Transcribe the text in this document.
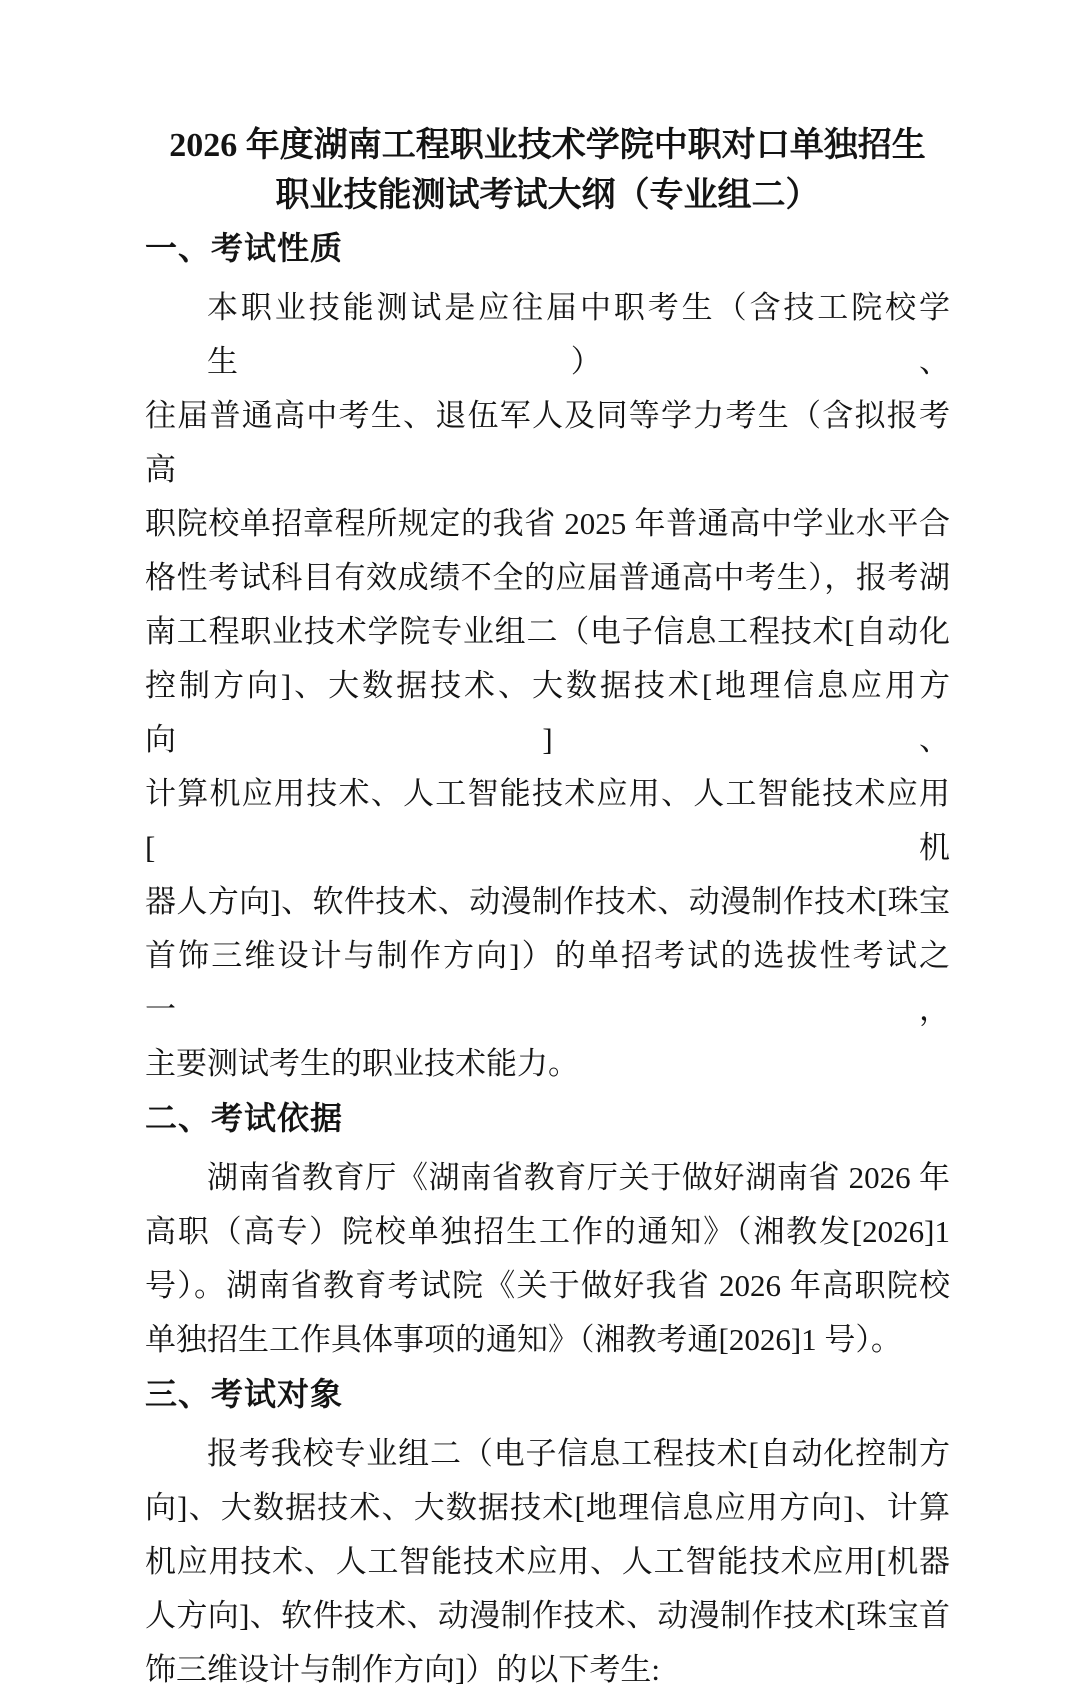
2026 年度湖南工程职业技术学院中职对口单独招生
职业技能测试考试大纲（专业组二）
一、考试性质
本职业技能测试是应往届中职考生（含技工院校学生）、
往届普通高中考生、退伍军人及同等学力考生（含拟报考高
职院校单招章程所规定的我省 2025 年普通高中学业水平合
格性考试科目有效成绩不全的应届普通高中考生），报考湖
南工程职业技术学院专业组二（电子信息工程技术[自动化
控制方向]、大数据技术、大数据技术[地理信息应用方向]、
计算机应用技术、人工智能技术应用、人工智能技术应用[机
器人方向]、软件技术、动漫制作技术、动漫制作技术[珠宝
首饰三维设计与制作方向]）的单招考试的选拔性考试之一，
主要测试考生的职业技术能力。
二、考试依据
湖南省教育厅《湖南省教育厅关于做好湖南省 2026 年
高职（高专）院校单独招生工作的通知》（湘教发[2026]1
号）。湖南省教育考试院《关于做好我省 2026 年高职院校
单独招生工作具体事项的通知》（湘教考通[2026]1 号）。
三、考试对象
报考我校专业组二（电子信息工程技术[自动化控制方
向]、大数据技术、大数据技术[地理信息应用方向]、计算
机应用技术、人工智能技术应用、人工智能技术应用[机器
人方向]、软件技术、动漫制作技术、动漫制作技术[珠宝首
饰三维设计与制作方向]）的以下考生:
